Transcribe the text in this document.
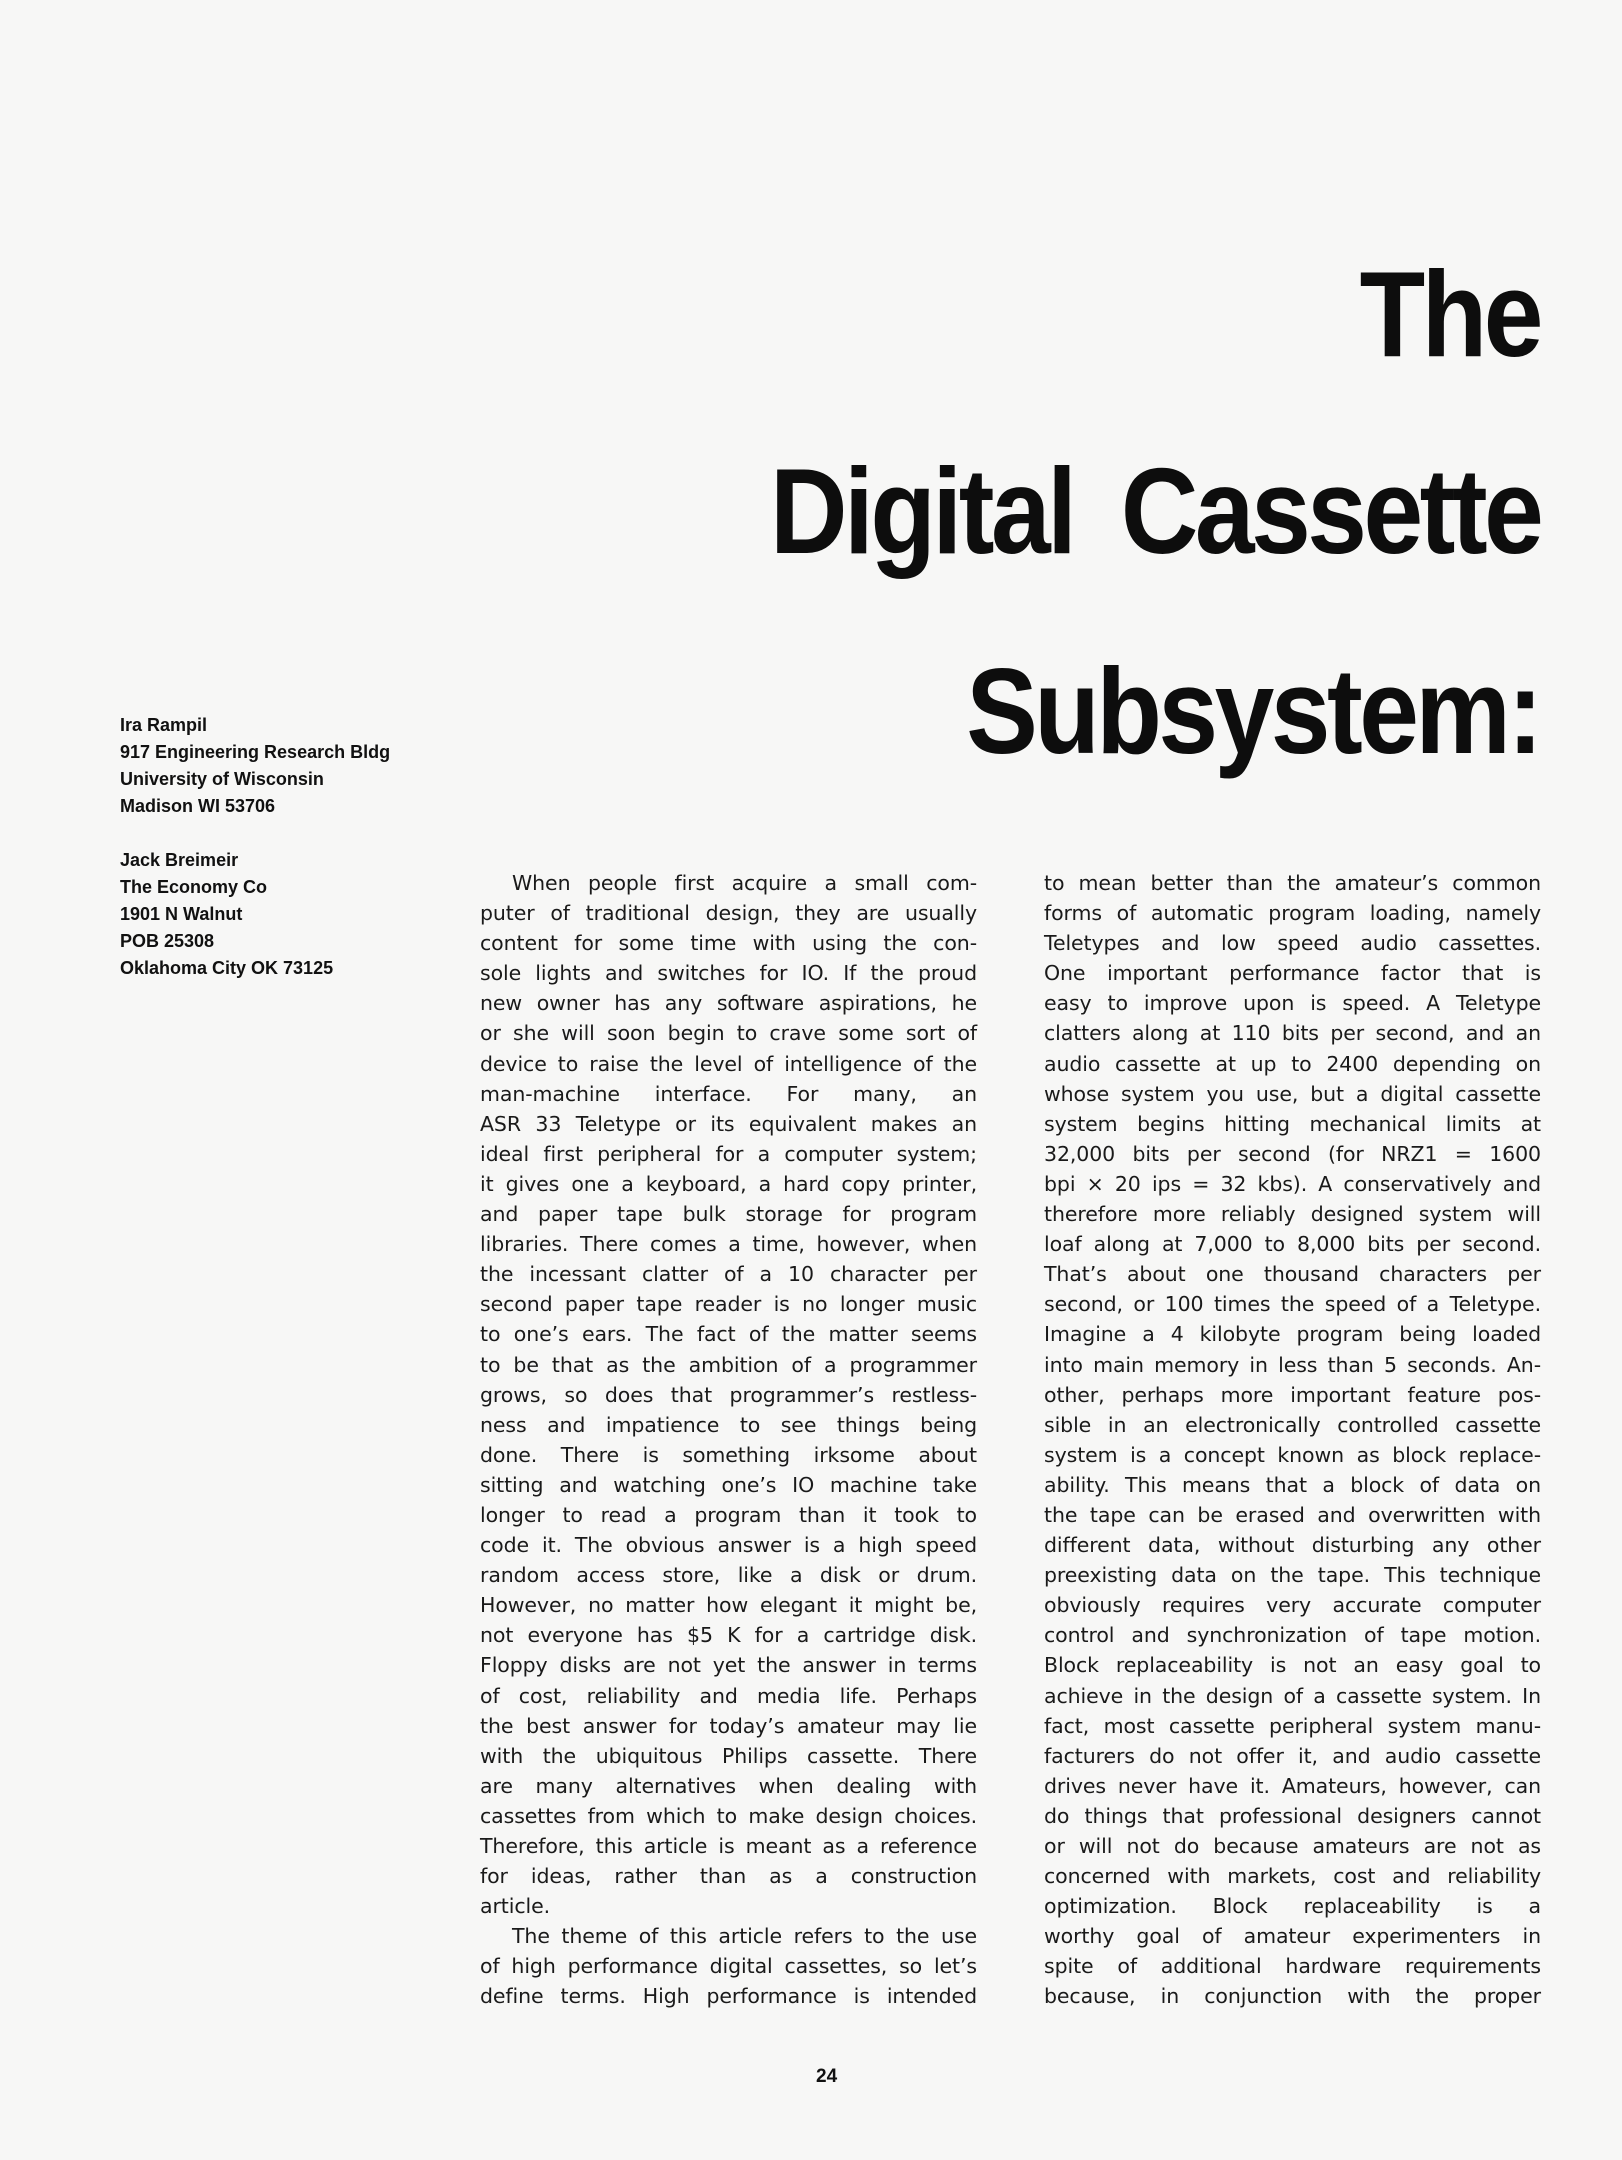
The
Digital Cassette
Subsystem:
Ira Rampil
917 Engineering Research Bldg
University of Wisconsin
Madison WI 53706
Jack Breimeir
The Economy Co
1901 N Walnut
POB 25308
Oklahoma City OK 73125
When people first acquire a small com-
puter of traditional design, they are usually
content for some time with using the con-
sole lights and switches for IO. If the proud
new owner has any software aspirations, he
or she will soon begin to crave some sort of
device to raise the level of intelligence of the
man-machine interface. For many, an
ASR 33 Teletype or its equivalent makes an
ideal first peripheral for a computer system;
it gives one a keyboard, a hard copy printer,
and paper tape bulk storage for program
libraries. There comes a time, however, when
the incessant clatter of a 10 character per
second paper tape reader is no longer music
to one’s ears. The fact of the matter seems
to be that as the ambition of a programmer
grows, so does that programmer’s restless-
ness and impatience to see things being
done. There is something irksome about
sitting and watching one’s IO machine take
longer to read a program than it took to
code it. The obvious answer is a high speed
random access store, like a disk or drum.
However, no matter how elegant it might be,
not everyone has $5 K for a cartridge disk.
Floppy disks are not yet the answer in terms
of cost, reliability and media life. Perhaps
the best answer for today’s amateur may lie
with the ubiquitous Philips cassette. There
are many alternatives when dealing with
cassettes from which to make design choices.
Therefore, this article is meant as a reference
for ideas, rather than as a construction
article.
The theme of this article refers to the use
of high performance digital cassettes, so let’s
define terms. High performance is intended
to mean better than the amateur’s common
forms of automatic program loading, namely
Teletypes and low speed audio cassettes.
One important performance factor that is
easy to improve upon is speed. A Teletype
clatters along at 110 bits per second, and an
audio cassette at up to 2400 depending on
whose system you use, but a digital cassette
system begins hitting mechanical limits at
32,000 bits per second (for NRZ1 = 1600
bpi × 20 ips = 32 kbs). A conservatively and
therefore more reliably designed system will
loaf along at 7,000 to 8,000 bits per second.
That’s about one thousand characters per
second, or 100 times the speed of a Teletype.
Imagine a 4 kilobyte program being loaded
into main memory in less than 5 seconds. An-
other, perhaps more important feature pos-
sible in an electronically controlled cassette
system is a concept known as block replace-
ability. This means that a block of data on
the tape can be erased and overwritten with
different data, without disturbing any other
preexisting data on the tape. This technique
obviously requires very accurate computer
control and synchronization of tape motion.
Block replaceability is not an easy goal to
achieve in the design of a cassette system. In
fact, most cassette peripheral system manu-
facturers do not offer it, and audio cassette
drives never have it. Amateurs, however, can
do things that professional designers cannot
or will not do because amateurs are not as
concerned with markets, cost and reliability
optimization. Block replaceability is a
worthy goal of amateur experimenters in
spite of additional hardware requirements
because, in conjunction with the proper
24
